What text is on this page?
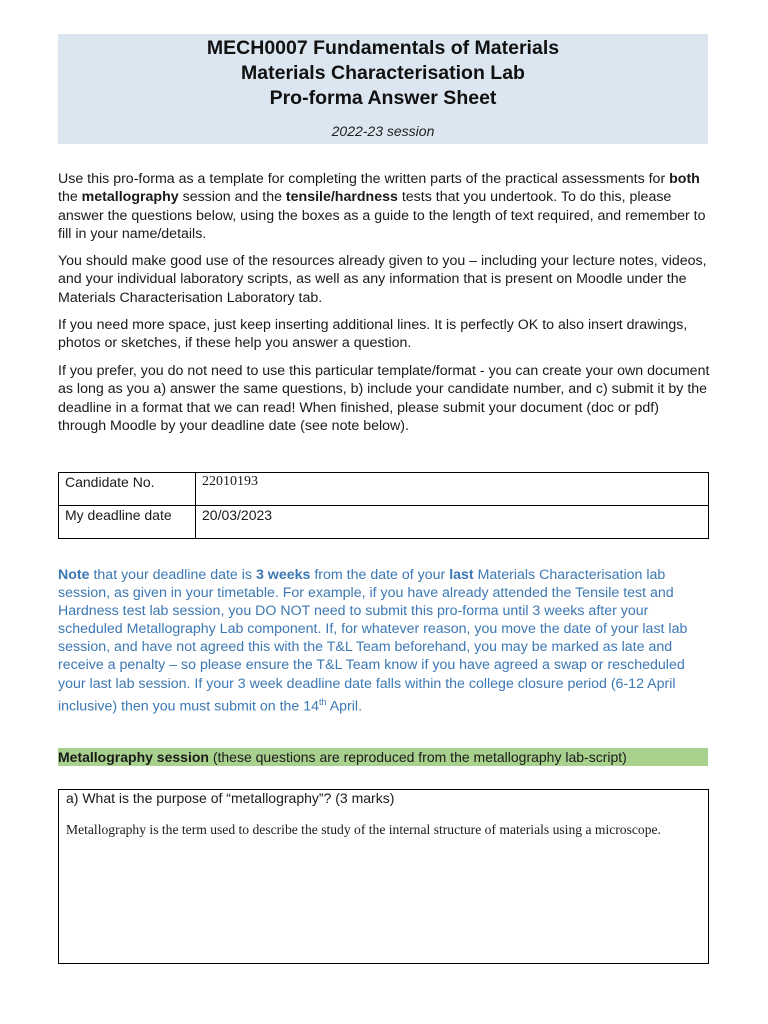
MECH0007 Fundamentals of Materials
Materials Characterisation Lab
Pro-forma Answer Sheet
2022-23 session

Use this pro-forma as a template for completing the written parts of the practical assessments for both the metallography session and the tensile/hardness tests that you undertook. To do this, please answer the questions below, using the boxes as a guide to the length of text required, and remember to fill in your name/details.

You should make good use of the resources already given to you – including your lecture notes, videos, and your individual laboratory scripts, as well as any information that is present on Moodle under the Materials Characterisation Laboratory tab.

If you need more space, just keep inserting additional lines. It is perfectly OK to also insert drawings, photos or sketches, if these help you answer a question.

If you prefer, you do not need to use this particular template/format - you can create your own document as long as you a) answer the same questions, b) include your candidate number, and c) submit it by the deadline in a format that we can read! When finished, please submit your document (doc or pdf) through Moodle by your deadline date (see note below).

Candidate No.	22010193
My deadline date	20/03/2023

Note that your deadline date is 3 weeks from the date of your last Materials Characterisation lab session, as given in your timetable. For example, if you have already attended the Tensile test and Hardness test lab session, you DO NOT need to submit this pro-forma until 3 weeks after your scheduled Metallography Lab component. If, for whatever reason, you move the date of your last lab session, and have not agreed this with the T&L Team beforehand, you may be marked as late and receive a penalty – so please ensure the T&L Team know if you have agreed a swap or rescheduled your last lab session. If your 3 week deadline date falls within the college closure period (6-12 April inclusive) then you must submit on the 14th April.

Metallography session (these questions are reproduced from the metallography lab-script)

a) What is the purpose of “metallography”? (3 marks)

Metallography is the term used to describe the study of the internal structure of materials using a microscope.
